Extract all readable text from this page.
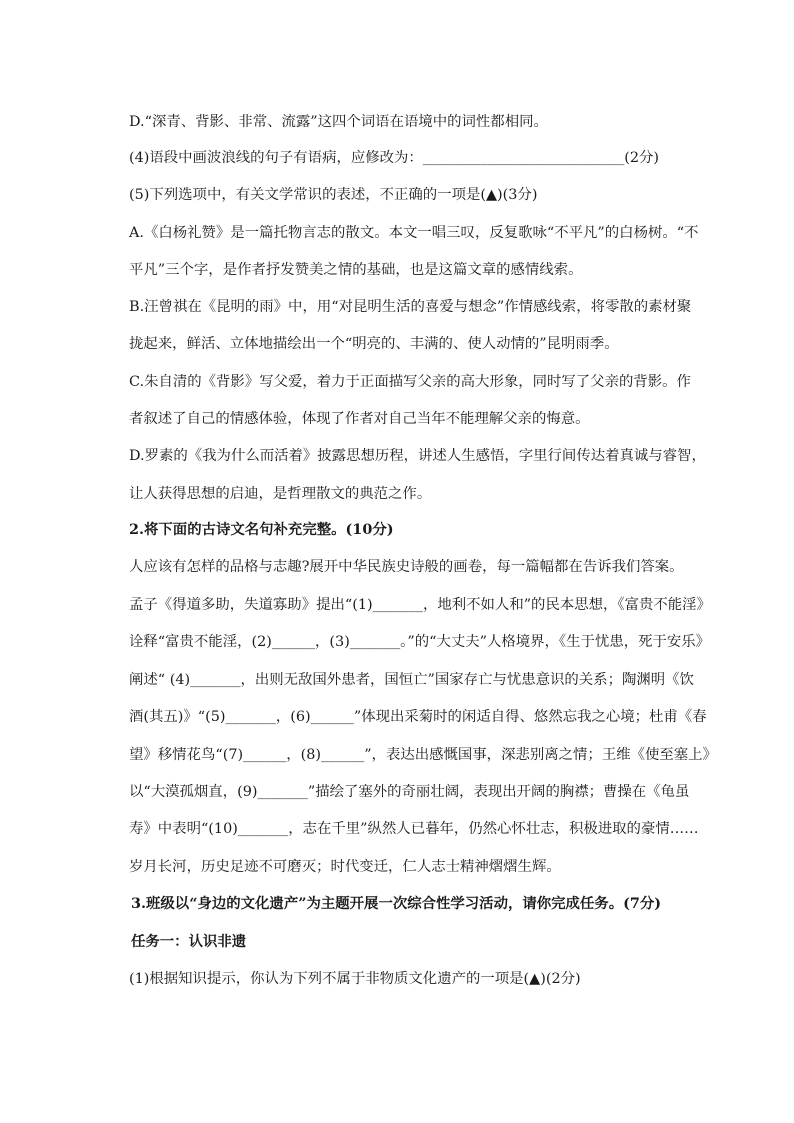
D.“深青、背影、非常、流露”这四个词语在语境中的词性都相同。
(4)语段中画波浪线的句子有语病，应修改为：____________________________(2分)
(5)下列选项中，有关文学常识的表述，不正确的一项是(▲)(3分)
A.《白杨礼赞》是一篇托物言志的散文。本文一唱三叹，反复歌咏“不平凡”的白杨树。“不
平凡”三个字，是作者抒发赞美之情的基础，也是这篇文章的感情线索。
B.汪曾祺在《昆明的雨》中，用“对昆明生活的喜爱与想念”作情感线索，将零散的素材聚
拢起来，鲜活、立体地描绘出一个“明亮的、丰满的、使人动情的”昆明雨季。
C.朱自清的《背影》写父爱，着力于正面描写父亲的高大形象，同时写了父亲的背影。作
者叙述了自己的情感体验，体现了作者对自己当年不能理解父亲的悔意。
D.罗素的《我为什么而活着》披露思想历程，讲述人生感悟，字里行间传达着真诚与睿智，
让人获得思想的启迪，是哲理散文的典范之作。
2.将下面的古诗文名句补充完整。(10分)
人应该有怎样的品格与志趣?展开中华民族史诗般的画卷，每一篇幅都在告诉我们答案。
孟子《得道多助，失道寡助》提出“(1)_______，地利不如人和”的民本思想，《富贵不能淫》
诠释“富贵不能淫，(2)______，(3)_______。”的“大丈夫”人格境界，《生于忧患，死于安乐》
阐述“ (4)_______，出则无敌国外患者，国恒亡”国家存亡与忧患意识的关系；陶渊明《饮
酒(其五)》“(5)_______，(6)______”体现出采菊时的闲适自得、悠然忘我之心境；杜甫《春
望》移情花鸟“(7)______，(8)______”，表达出感慨国事，深悲别离之情；王维《使至塞上》
以“大漠孤烟直，(9)_______”描绘了塞外的奇丽壮阔，表现出开阔的胸襟；曹操在《龟虽
寿》中表明“(10)_______，志在千里”纵然人已暮年，仍然心怀壮志，积极进取的豪情……
岁月长河，历史足迹不可磨灭；时代变迁，仁人志士精神熠熠生辉。
3.班级以“身边的文化遗产”为主题开展一次综合性学习活动，请你完成任务。(7分)
任务一：认识非遗
(1)根据知识提示，你认为下列不属于非物质文化遗产的一项是(▲)(2分)
